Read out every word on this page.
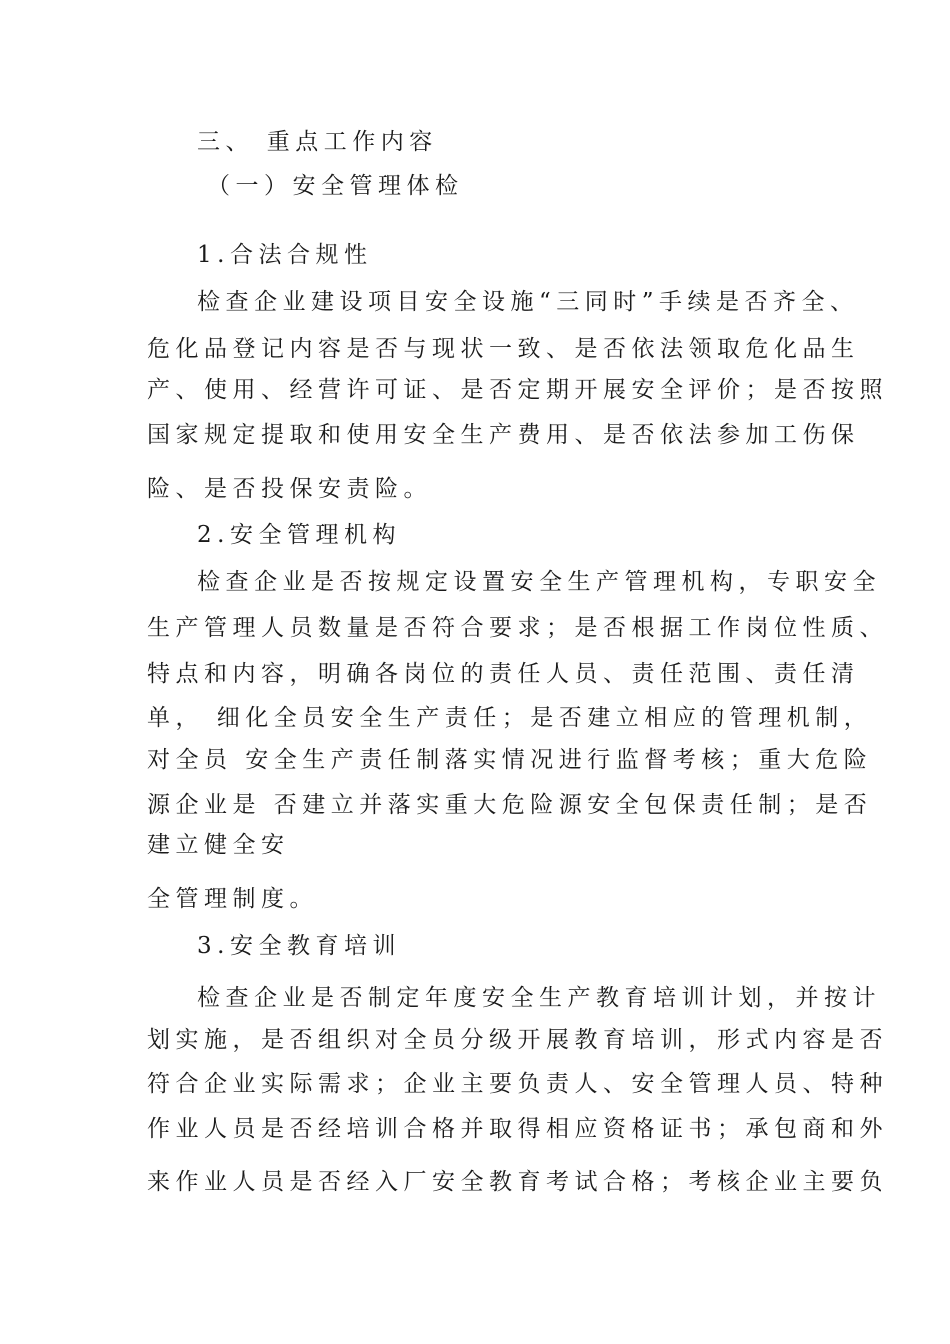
三、 重点工作内容
（一）安全管理体检
1.合法合规性
检查企业建设项目安全设施“三同时”手续是否齐全、
危化品登记内容是否与现状一致、是否依法领取危化品生
产、使用、经营许可证、是否定期开展安全评价；是否按照
国家规定提取和使用安全生产费用、是否依法参加工伤保
险、是否投保安责险。
2.安全管理机构
检查企业是否按规定设置安全生产管理机构，专职安全
生产管理人员数量是否符合要求；是否根据工作岗位性质、
特点和内容，明确各岗位的责任人员、责任范围、责任清
单， 细化全员安全生产责任；是否建立相应的管理机制，
对全员 安全生产责任制落实情况进行监督考核；重大危险
源企业是 否建立并落实重大危险源安全包保责任制；是否
建立健全安
全管理制度。
3.安全教育培训
检查企业是否制定年度安全生产教育培训计划，并按计
划实施，是否组织对全员分级开展教育培训，形式内容是否
符合企业实际需求；企业主要负责人、安全管理人员、特种
作业人员是否经培训合格并取得相应资格证书；承包商和外
来作业人员是否经入厂安全教育考试合格；考核企业主要负
